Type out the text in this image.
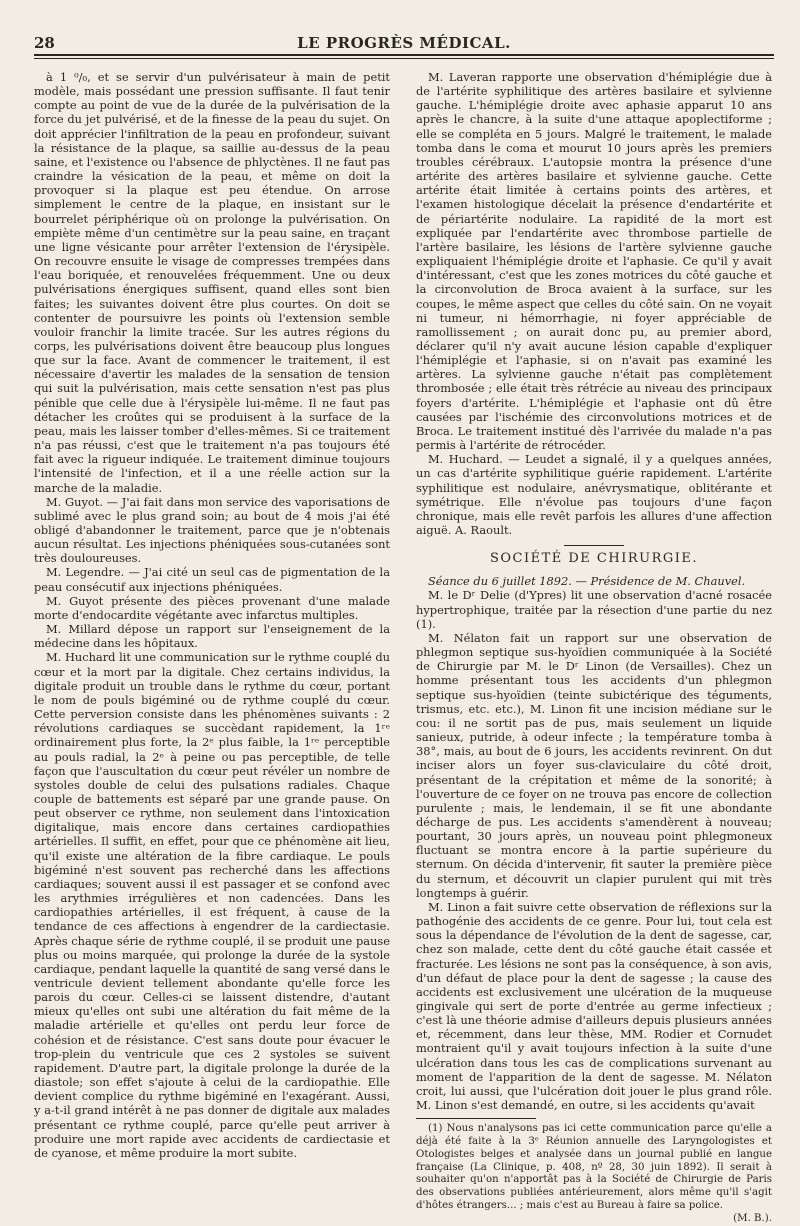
28	LE PROGRÈS MÉDICAL.

à 1 ⁰/₀, et se servir d'un pulvérisateur à main de petit modèle, mais possédant une pression suffisante. Il faut tenir compte au point de vue de la durée de la pulvérisation de la force du jet pulvérisé, et de la finesse de la peau du sujet. On doit apprécier l'infiltration de la peau en profondeur, suivant la résistance de la plaque, sa saillie au-dessus de la peau saine, et l'existence ou l'absence de phlyctènes. Il ne faut pas craindre la vésication de la peau, et même on doit la provoquer si la plaque est peu étendue. On arrose simplement le centre de la plaque, en insistant sur le bourrelet périphérique où on prolonge la pulvérisation. On empiète même d'un centimètre sur la peau saine, en traçant une ligne vésicante pour arrêter l'extension de l'érysipèle. On recouvre ensuite le visage de compresses trempées dans l'eau boriquée, et renouvelées fréquemment. Une ou deux pulvérisations énergiques suffisent, quand elles sont bien faites; les suivantes doivent être plus courtes. On doit se contenter de poursuivre les points où l'extension semble vouloir franchir la limite tracée. Sur les autres régions du corps, les pulvérisations doivent être beaucoup plus longues que sur la face. Avant de commencer le traitement, il est nécessaire d'avertir les malades de la sensation de tension qui suit la pulvérisation, mais cette sensation n'est pas plus pénible que celle due à l'érysipèle lui-même. Il ne faut pas détacher les croûtes qui se produisent à la surface de la peau, mais les laisser tomber d'elles-mêmes. Si ce traitement n'a pas réussi, c'est que le traitement n'a pas toujours été fait avec la rigueur indiquée. Le traitement diminue toujours l'intensité de l'infection, et il a une réelle action sur la marche de la maladie.

M. Guyot. — J'ai fait dans mon service des vaporisations de sublimé avec le plus grand soin; au bout de 4 mois j'ai été obligé d'abandonner le traitement, parce que je n'obtenais aucun résultat. Les injections phéniquées sous-cutanées sont très douloureuses.

M. Legendre. — J'ai cité un seul cas de pigmentation de la peau consécutif aux injections phéniquées.

M. Guyot présente des pièces provenant d'une malade morte d'endocardite végétante avec infarctus multiples.

M. Millard dépose un rapport sur l'enseignement de la médecine dans les hôpitaux.

M. Huchard lit une communication sur le rythme couplé du cœur et la mort par la digitale. Chez certains individus, la digitale produit un trouble dans le rythme du cœur, portant le nom de pouls bigéminé ou de rythme couplé du cœur. Cette perversion consiste dans les phénomènes suivants : 2 révolutions cardiaques se succèdant rapidement, la 1ʳᵉ ordinairement plus forte, la 2ᵉ plus faible, la 1ʳᵉ perceptible au pouls radial, la 2ᵉ à peine ou pas perceptible, de telle façon que l'auscultation du cœur peut révéler un nombre de systoles double de celui des pulsations radiales. Chaque couple de battements est séparé par une grande pause. On peut observer ce rythme, non seulement dans l'intoxication digitalique, mais encore dans certaines cardiopathies artérielles. Il suffit, en effet, pour que ce phénomène ait lieu, qu'il existe une altération de la fibre cardiaque. Le pouls bigéminé n'est souvent pas recherché dans les affections cardiaques; souvent aussi il est passager et se confond avec les arythmies irrégulières et non cadencées. Dans les cardiopathies artérielles, il est fréquent, à cause de la tendance de ces affections à engendrer de la cardiectasie. Après chaque série de rythme couplé, il se produit une pause plus ou moins marquée, qui prolonge la durée de la systole cardiaque, pendant laquelle la quantité de sang versé dans le ventricule devient tellement abondante qu'elle force les parois du cœur. Celles-ci se laissent distendre, d'autant mieux qu'elles ont subi une altération du fait même de la maladie artérielle et qu'elles ont perdu leur force de cohésion et de résistance. C'est sans doute pour évacuer le trop-plein du ventricule que ces 2 systoles se suivent rapidement. D'autre part, la digitale prolonge la durée de la diastole; son effet s'ajoute à celui de la cardiopathie. Elle devient complice du rythme bigéminé en l'exagérant. Aussi, y a-t-il grand intérêt à ne pas donner de digitale aux malades présentant ce rythme couplé, parce qu'elle peut arriver à produire une mort rapide avec accidents de cardiectasie et de cyanose, et même produire la mort subite.

M. Laveran rapporte une observation d'hémiplégie due à de l'artérite syphilitique des artères basilaire et sylvienne gauche. L'hémiplégie droite avec aphasie apparut 10 ans après le chancre, à la suite d'une attaque apoplectiforme ; elle se compléta en 5 jours. Malgré le traitement, le malade tomba dans le coma et mourut 10 jours après les premiers troubles cérébraux. L'autopsie montra la présence d'une artérite des artères basilaire et sylvienne gauche. Cette artérite était limitée à certains points des artères, et l'examen histologique décelait la présence d'endartérite et de périartérite nodulaire. La rapidité de la mort est expliquée par l'endartérite avec thrombose partielle de l'artère basilaire, les lésions de l'artère sylvienne gauche expliquaient l'hémiplégie droite et l'aphasie. Ce qu'il y avait d'intéressant, c'est que les zones motrices du côté gauche et la circonvolution de Broca avaient à la surface, sur les coupes, le même aspect que celles du côté sain. On ne voyait ni tumeur, ni hémorrhagie, ni foyer appréciable de ramollissement ; on aurait donc pu, au premier abord, déclarer qu'il n'y avait aucune lésion capable d'expliquer l'hémiplégie et l'aphasie, si on n'avait pas examiné les artères. La sylvienne gauche n'était pas complètement thrombosée ; elle était très rétrécie au niveau des principaux foyers d'artérite. L'hémiplégie et l'aphasie ont dû être causées par l'ischémie des circonvolutions motrices et de Broca. Le traitement institué dès l'arrivée du malade n'a pas permis à l'artérite de rétrocéder.

M. Huchard. — Leudet a signalé, il y a quelques années, un cas d'artérite syphilitique guérie rapidement. L'artérite syphilitique est nodulaire, anévrysmatique, oblitérante et symétrique. Elle n'évolue pas toujours d'une façon chronique, mais elle revêt parfois les allures d'une affection aiguë. A. Raoult.

SOCIÉTÉ DE CHIRURGIE.

Séance du 6 juillet 1892. — Présidence de M. Chauvel.

M. le Dʳ Delie (d'Ypres) lit une observation d'acné rosacée hypertrophique, traitée par la résection d'une partie du nez (1).

M. Nélaton fait un rapport sur une observation de phlegmon septique sus-hyoïdien communiquée à la Société de Chirurgie par M. le Dʳ Linon (de Versailles). Chez un homme présentant tous les accidents d'un phlegmon septique sus-hyoïdien (teinte subictérique des téguments, trismus, etc. etc.), M. Linon fit une incision médiane sur le cou: il ne sortit pas de pus, mais seulement un liquide sanieux, putride, à odeur infecte ; la température tomba à 38°, mais, au bout de 6 jours, les accidents revinrent. On dut inciser alors un foyer sus-claviculaire du côté droit, présentant de la crépitation et même de la sonorité; à l'ouverture de ce foyer on ne trouva pas encore de collection purulente ; mais, le lendemain, il se fit une abondante décharge de pus. Les accidents s'amendèrent à nouveau; pourtant, 30 jours après, un nouveau point phlegmoneux fluctuant se montra encore à la partie supérieure du sternum. On décida d'intervenir, fit sauter la première pièce du sternum, et découvrit un clapier purulent qui mit très longtemps à guérir.

M. Linon a fait suivre cette observation de réflexions sur la pathogénie des accidents de ce genre. Pour lui, tout cela est sous la dépendance de l'évolution de la dent de sagesse, car, chez son malade, cette dent du côté gauche était cassée et fracturée. Les lésions ne sont pas la conséquence, à son avis, d'un défaut de place pour la dent de sagesse ; la cause des accidents est exclusivement une ulcération de la muqueuse gingivale qui sert de porte d'entrée au germe infectieux ; c'est là une théorie admise d'ailleurs depuis plusieurs années et, récemment, dans leur thèse, MM. Rodier et Cornudet montraient qu'il y avait toujours infection à la suite d'une ulcération dans tous les cas de complications survenant au moment de l'apparition de la dent de sagesse. M. Nélaton croit, lui aussi, que l'ulcération doit jouer le plus grand rôle. M. Linon s'est demandé, en outre, si les accidents qu'avait

(1) Nous n'analysons pas ici cette communication parce qu'elle a déjà été faite à la 3ᵉ Réunion annuelle des Laryngologistes et Otologistes belges et analysée dans un journal publié en langue française (La Clinique, p. 408, nº 28, 30 juin 1892). Il serait à souhaiter qu'on n'apportât pas à la Société de Chirurgie de Paris des observations publiées antérieurement, alors même qu'il s'agit d'hôtes étrangers... ; mais c'est au Bureau à faire sa police.

(M. B.).
